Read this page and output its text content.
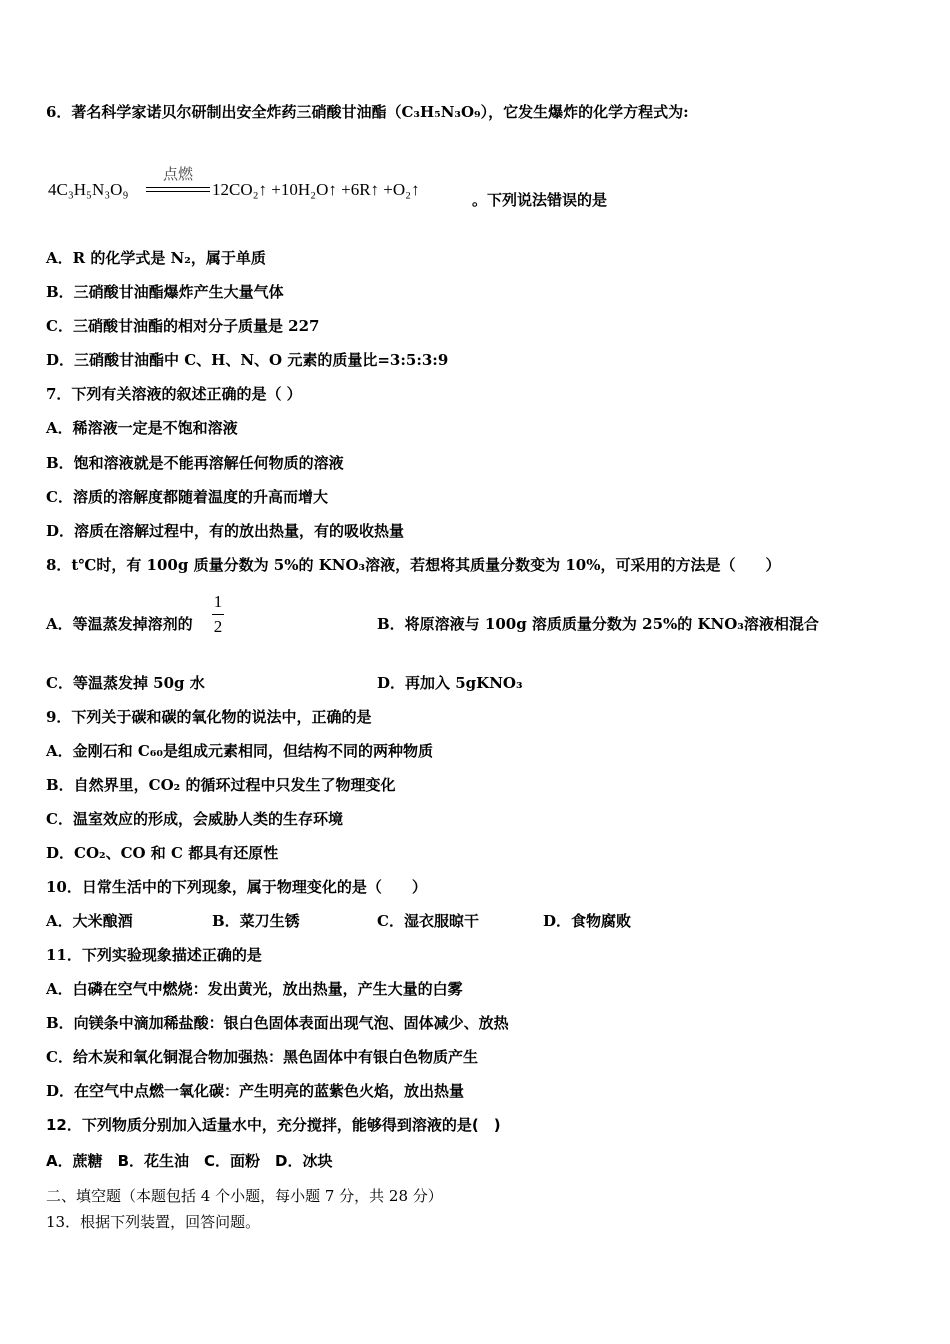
6．著名科学家诺贝尔研制出安全炸药三硝酸甘油酯（C₃H₅N₃O₉），它发生爆炸的化学方程式为:
点燃
4C₃H₅N₃O₉	12CO₂↑ +10H₂O↑ +6R↑ +O₂↑
。下列说法错误的是
A．R 的化学式是 N₂，属于单质
B．三硝酸甘油酯爆炸产生大量气体
C．三硝酸甘油酯的相对分子质量是 227
D．三硝酸甘油酯中 C、H、N、O 元素的质量比=3:5:3:9
7．下列有关溶液的叙述正确的是（ ）
A．稀溶液一定是不饱和溶液
B．饱和溶液就是不能再溶解任何物质的溶液
C．溶质的溶解度都随着温度的升高而增大
D．溶质在溶解过程中，有的放出热量，有的吸收热量
8．t℃时，有 100g 质量分数为 5%的 KNO₃溶液，若想将其质量分数变为 10%，可采用的方法是（　　）
A．等温蒸发掉溶剂的
1
2	B．将原溶液与 100g 溶质质量分数为 25%的 KNO₃溶液相混合
C．等温蒸发掉 50g 水	D．再加入 5gKNO₃
9．下列关于碳和碳的氧化物的说法中，正确的是
A．金刚石和 C₆₀是组成元素相同，但结构不同的两种物质
B．自然界里，CO₂ 的循环过程中只发生了物理变化
C．温室效应的形成，会威胁人类的生存环境
D．CO₂、CO 和 C 都具有还原性
10．日常生活中的下列现象，属于物理变化的是（　　）
A．大米酿酒	B．菜刀生锈	C．湿衣服晾干	D．食物腐败
11．下列实验现象描述正确的是
A．白磷在空气中燃烧：发出黄光，放出热量，产生大量的白雾
B．向镁条中滴加稀盐酸：银白色固体表面出现气泡、固体减少、放热
C．给木炭和氧化铜混合物加强热：黑色固体中有银白色物质产生
D．在空气中点燃一氧化碳：产生明亮的蓝紫色火焰，放出热量
12．下列物质分别加入适量水中，充分搅拌，能够得到溶液的是(　)
A．蔗糖　B．花生油　C．面粉　D．冰块
二、填空题（本题包括 4 个小题，每小题 7 分，共 28 分）
13．根据下列装置，回答问题。
